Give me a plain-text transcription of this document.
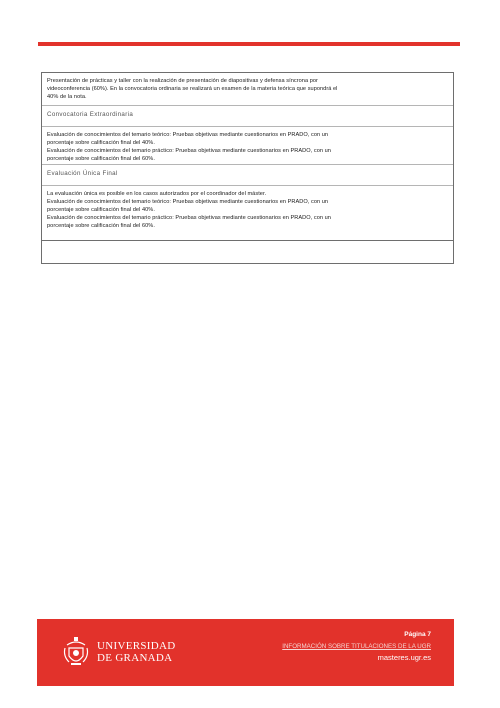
Presentación de prácticas y taller con la realización de presentación de diapositivas y defensa síncrona por

videoconferencia (60%). En la convocatoria ordinaria se realizará un examen de la materia teórica que supondrá el

40% de la nota.

Convocatoria Extraordinaria

Evaluación de conocimientos del temario teórico: Pruebas objetivas mediante cuestionarios en PRADO, con un

porcentaje sobre calificación final del 40%.

Evaluación de conocimientos del temario práctico: Pruebas objetivas mediante cuestionarios en PRADO, con un

porcentaje sobre calificación final del 60%.

Evaluación Única Final

La evaluación única es posible en los casos autorizados por el coordinador del máster.

Evaluación de conocimientos del temario teórico: Pruebas objetivas mediante cuestionarios en PRADO, con un

porcentaje sobre calificación final del 40%.

Evaluación de conocimientos del temario práctico: Pruebas objetivas mediante cuestionarios en PRADO, con un

porcentaje sobre calificación final del 60%.

UNIVERSIDAD
DE GRANADA
Página 7
INFORMACIÓN SOBRE TITULACIONES DE LA UGR
masteres.ugr.es
